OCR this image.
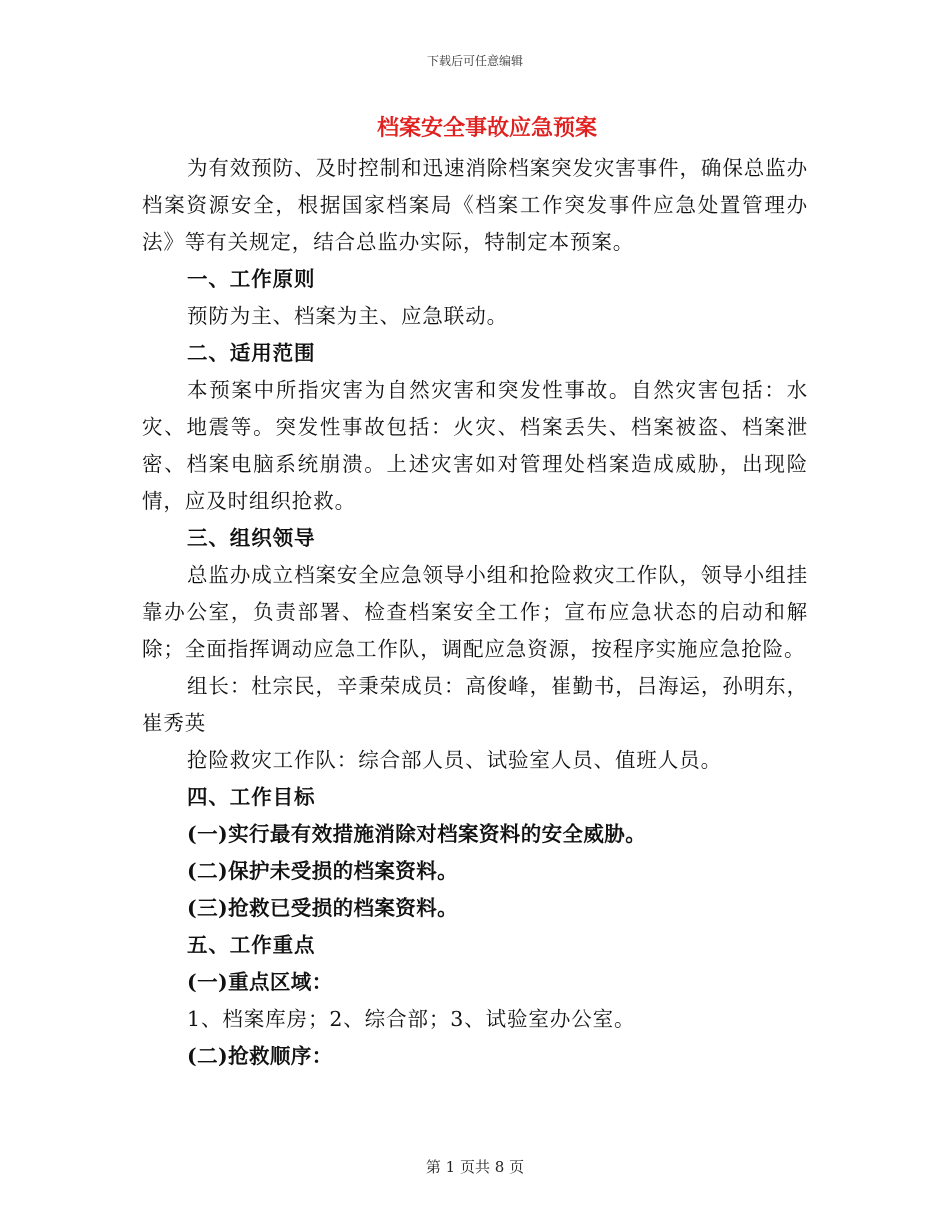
下载后可任意编辑
档案安全事故应急预案

为有效预防、及时控制和迅速消除档案突发灾害事件，确保总监办档案资源安全，根据国家档案局《档案工作突发事件应急处置管理办法》等有关规定，结合总监办实际，特制定本预案。

一、工作原则

预防为主、档案为主、应急联动。

二、适用范围

本预案中所指灾害为自然灾害和突发性事故。自然灾害包括：水灾、地震等。突发性事故包括：火灾、档案丢失、档案被盗、档案泄密、档案电脑系统崩溃。上述灾害如对管理处档案造成威胁，出现险情，应及时组织抢救。

三、组织领导

总监办成立档案安全应急领导小组和抢险救灾工作队，领导小组挂靠办公室，负责部署、检查档案安全工作；宣布应急状态的启动和解除；全面指挥调动应急工作队，调配应急资源，按程序实施应急抢险。

组长：杜宗民，辛秉荣成员：高俊峰，崔勤书，吕海运，孙明东，崔秀英

抢险救灾工作队：综合部人员、试验室人员、值班人员。

四、工作目标

(一)实行最有效措施消除对档案资料的安全威胁。

(二)保护未受损的档案资料。

(三)抢救已受损的档案资料。

五、工作重点

(一)重点区域：

1、档案库房；2、综合部；3、试验室办公室。

(二)抢救顺序：

第 1 页共 8 页
